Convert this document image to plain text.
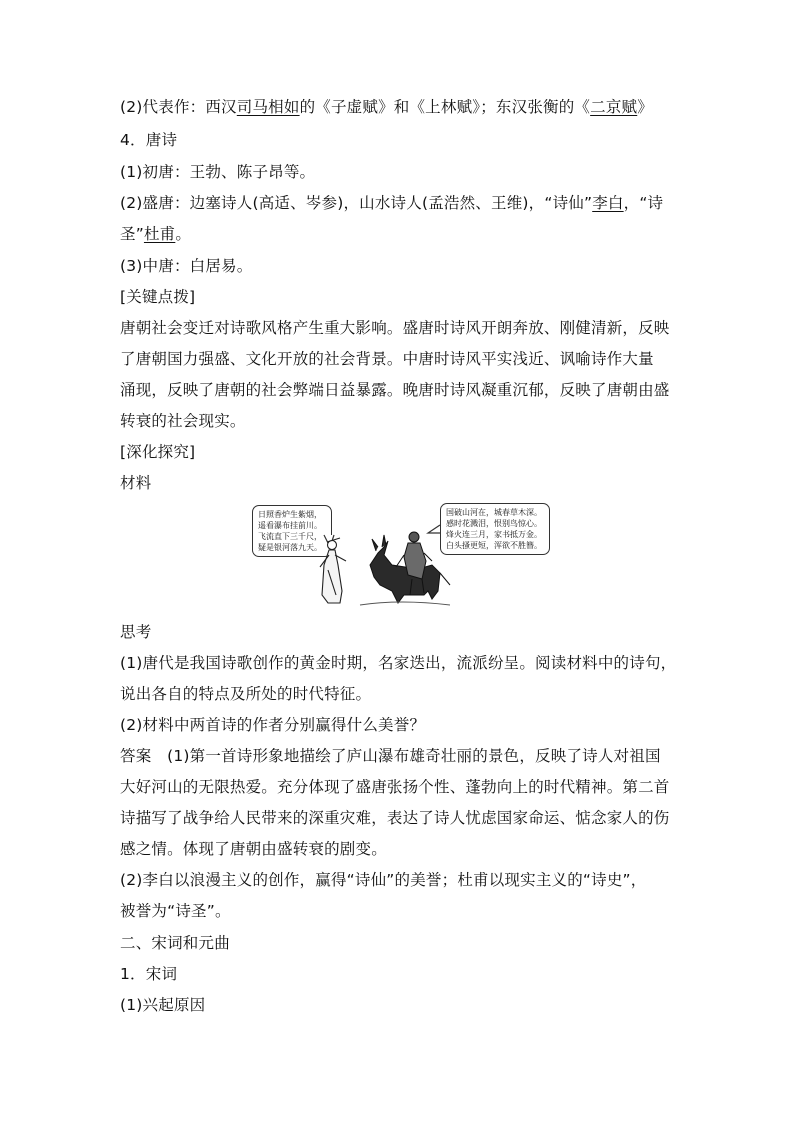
(2)代表作：西汉司马相如的《子虚赋》和《上林赋》；东汉张衡的《二京赋》
4．唐诗
(1)初唐：王勃、陈子昂等。
(2)盛唐：边塞诗人(高适、岑参)，山水诗人(孟浩然、王维)，“诗仙”李白，“诗
圣”杜甫。
(3)中唐：白居易。
[关键点拨]
唐朝社会变迁对诗歌风格产生重大影响。盛唐时诗风开朗奔放、刚健清新，反映
了唐朝国力强盛、文化开放的社会背景。中唐时诗风平实浅近、讽喻诗作大量
涌现，反映了唐朝的社会弊端日益暴露。晚唐时诗风凝重沉郁，反映了唐朝由盛
转衰的社会现实。
[深化探究]
材料
日照香炉生紫烟，
遥看瀑布挂前川。
飞流直下三千尺，
疑是银河落九天。
国破山河在，城春草木深。
感时花溅泪，恨别鸟惊心。
烽火连三月，家书抵万金。
白头搔更短，浑欲不胜簪。
思考
(1)唐代是我国诗歌创作的黄金时期，名家迭出，流派纷呈。阅读材料中的诗句，
说出各自的特点及所处的时代特征。
(2)材料中两首诗的作者分别赢得什么美誉？
答案　(1)第一首诗形象地描绘了庐山瀑布雄奇壮丽的景色，反映了诗人对祖国
大好河山的无限热爱。充分体现了盛唐张扬个性、蓬勃向上的时代精神。第二首
诗描写了战争给人民带来的深重灾难，表达了诗人忧虑国家命运、惦念家人的伤
感之情。体现了唐朝由盛转衰的剧变。
(2)李白以浪漫主义的创作，赢得“诗仙”的美誉；杜甫以现实主义的“诗史”，
被誉为“诗圣”。
二、宋词和元曲
1．宋词
(1)兴起原因
